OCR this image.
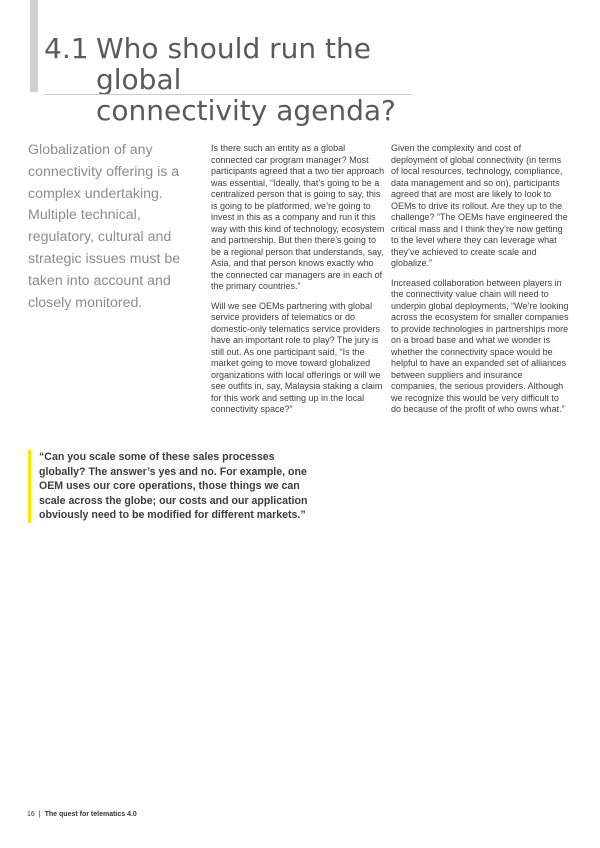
4.1 Who should run the global
connectivity agenda?

Globalization of any connectivity offering is a complex undertaking. Multiple technical, regulatory, cultural and strategic issues must be taken into account and closely monitored.

Is there such an entity as a global connected car program manager? Most participants agreed that a two tier approach was essential, “Ideally, that’s going to be a centralized person that is going to say, this is going to be platformed, we’re going to invest in this as a company and run it this way with this kind of technology, ecosystem and partnership. But then there’s going to be a regional person that understands, say, Asia, and that person knows exactly who the connected car managers are in each of the primary countries.”

Will we see OEMs partnering with global service providers of telematics or do domestic-only telematics service providers have an important role to play? The jury is still out. As one participant said, “Is the market going to move toward globalized organizations with local offerings or will we see outfits in, say, Malaysia staking a claim for this work and setting up in the local connectivity space?”

Given the complexity and cost of deployment of global connectivity (in terms of local resources, technology, compliance, data management and so on), participants agreed that are most are likely to look to OEMs to drive its rollout. Are they up to the challenge? “The OEMs have engineered the critical mass and I think they’re now getting to the level where they can leverage what they’ve achieved to create scale and globalize.”

Increased collaboration between players in the connectivity value chain will need to underpin global deployments, “We’re looking across the ecosystem for smaller companies to provide technologies in partnerships more on a broad base and what we wonder is whether the connectivity space would be helpful to have an expanded set of alliances between suppliers and insurance companies, the serious providers. Although we recognize this would be very difficult to do because of the profit of who owns what.”

“Can you scale some of these sales processes globally? The answer’s yes and no. For example, one OEM uses our core operations, those things we can scale across the globe; our costs and our application obviously need to be modified for different markets.”

16 | The quest for telematics 4.0
